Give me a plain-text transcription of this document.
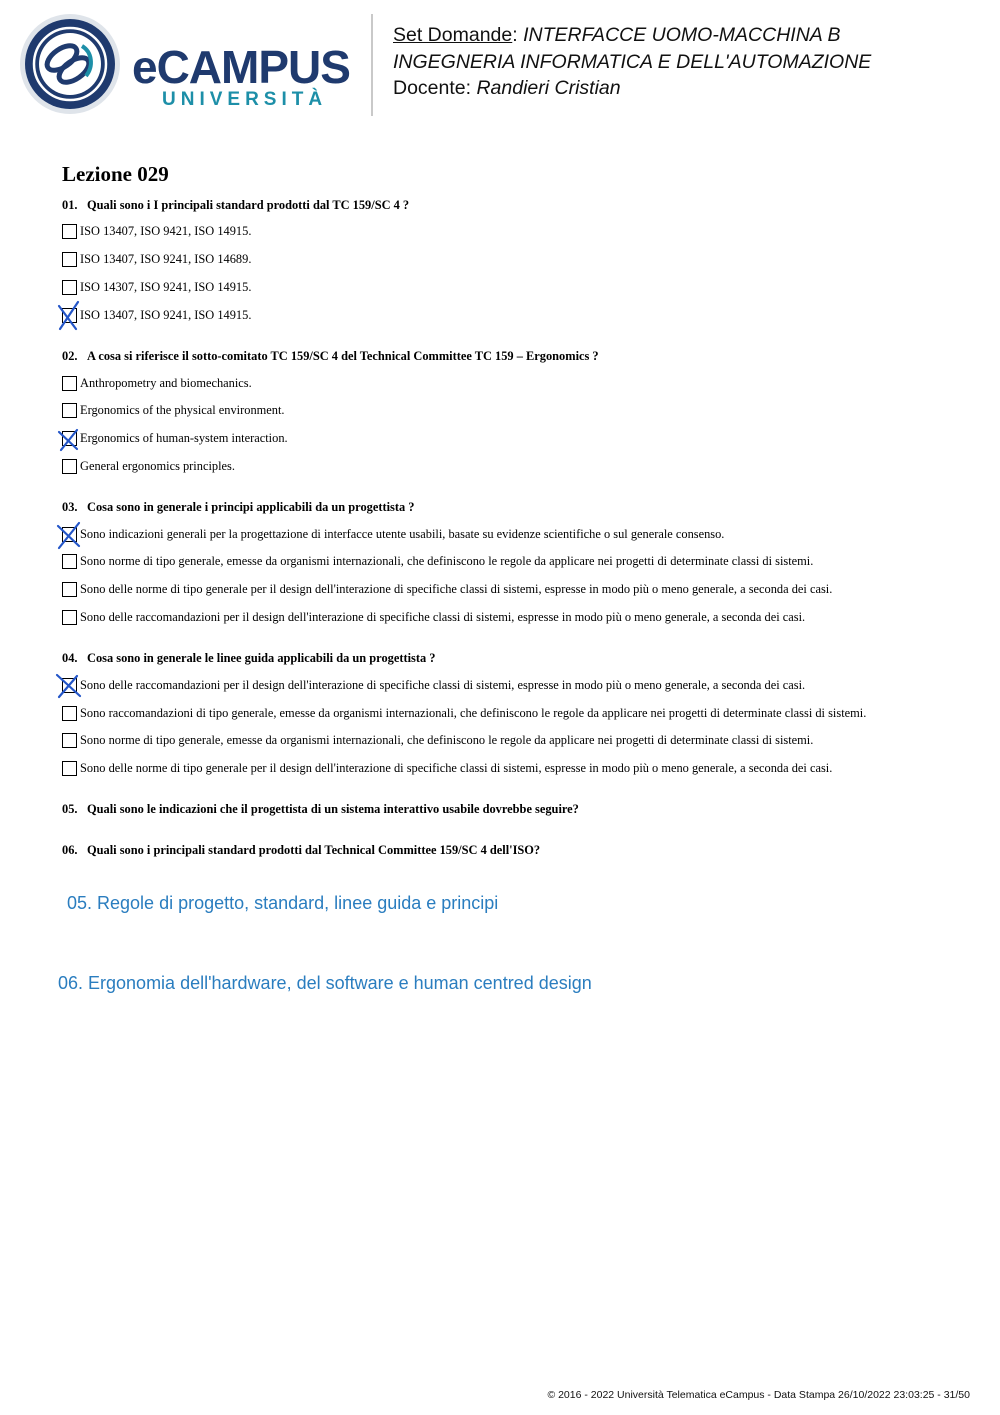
eCAMPUS
UNIVERSITÀ
Set Domande: INTERFACCE UOMO-MACCHINA B
INGEGNERIA INFORMATICA E DELL'AUTOMAZIONE
Docente: Randieri Cristian
Lezione 029
01. Quali sono i I principali standard prodotti dal TC 159/SC 4 ?
ISO 13407, ISO 9421, ISO 14915.
ISO 13407, ISO 9241, ISO 14689.
ISO 14307, ISO 9241, ISO 14915.
ISO 13407, ISO 9241, ISO 14915.
02. A cosa si riferisce il sotto-comitato TC 159/SC 4 del Technical Committee TC 159 – Ergonomics ?
Anthropometry and biomechanics.
Ergonomics of the physical environment.
Ergonomics of human-system interaction.
General ergonomics principles.
03. Cosa sono in generale i principi applicabili da un progettista ?
Sono indicazioni generali per la progettazione di interfacce utente usabili, basate su evidenze scientifiche o sul generale consenso.
Sono norme di tipo generale, emesse da organismi internazionali, che definiscono le regole da applicare nei progetti di determinate classi di sistemi.
Sono delle norme di tipo generale per il design dell'interazione di specifiche classi di sistemi, espresse in modo più o meno generale, a seconda dei casi.
Sono delle raccomandazioni per il design dell'interazione di specifiche classi di sistemi, espresse in modo più o meno generale, a seconda dei casi.
04. Cosa sono in generale le linee guida applicabili da un progettista ?
Sono delle raccomandazioni per il design dell'interazione di specifiche classi di sistemi, espresse in modo più o meno generale, a seconda dei casi.
Sono raccomandazioni di tipo generale, emesse da organismi internazionali, che definiscono le regole da applicare nei progetti di determinate classi di sistemi.
Sono norme di tipo generale, emesse da organismi internazionali, che definiscono le regole da applicare nei progetti di determinate classi di sistemi.
Sono delle norme di tipo generale per il design dell'interazione di specifiche classi di sistemi, espresse in modo più o meno generale, a seconda dei casi.
05. Quali sono le indicazioni che il progettista di un sistema interattivo usabile dovrebbe seguire?
06. Quali sono i principali standard prodotti dal Technical Committee 159/SC 4 dell'ISO?
05. Regole di progetto, standard, linee guida e principi
06. Ergonomia dell'hardware, del software e human centred design
© 2016 - 2022 Università Telematica eCampus - Data Stampa 26/10/2022 23:03:25 - 31/50
